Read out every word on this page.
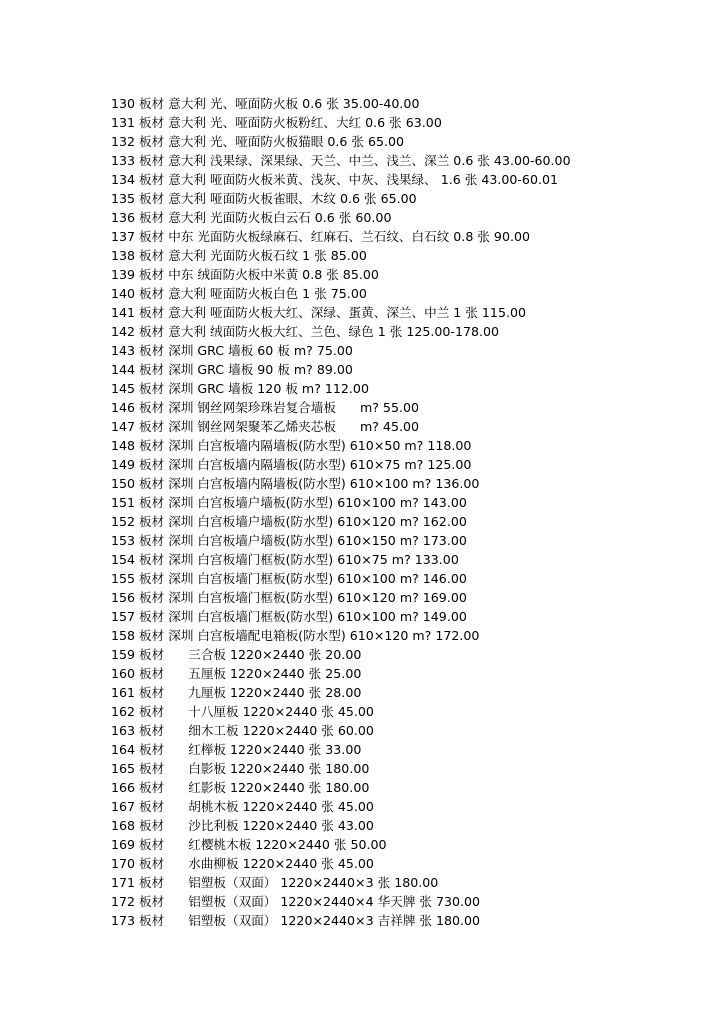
130 板材 意大利 光、哑面防火板 0.6 张 35.00-40.00
131 板材 意大利 光、哑面防火板粉红、大红 0.6 张 63.00
132 板材 意大利 光、哑面防火板猫眼 0.6 张 65.00
133 板材 意大利 浅果绿、深果绿、天兰、中兰、浅兰、深兰 0.6 张 43.00-60.00
134 板材 意大利 哑面防火板米黄、浅灰、中灰、浅果绿、 1.6 张 43.00-60.01
135 板材 意大利 哑面防火板雀眼、木纹 0.6 张 65.00
136 板材 意大利 光面防火板白云石 0.6 张 60.00
137 板材 中东 光面防火板绿麻石、红麻石、兰石纹、白石纹 0.8 张 90.00
138 板材 意大利 光面防火板石纹 1 张 85.00
139 板材 中东 绒面防火板中米黄 0.8 张 85.00
140 板材 意大利 哑面防火板白色 1 张 75.00
141 板材 意大利 哑面防火板大红、深绿、蛋黄、深兰、中兰 1 张 115.00
142 板材 意大利 绒面防火板大红、兰色、绿色 1 张 125.00-178.00
143 板材 深圳 GRC 墙板 60 板 m? 75.00
144 板材 深圳 GRC 墙板 90 板 m? 89.00
145 板材 深圳 GRC 墙板 120 板 m? 112.00
146 板材 深圳 钢丝网架珍珠岩复合墙板      m? 55.00
147 板材 深圳 钢丝网架聚苯乙烯夹芯板      m? 45.00
148 板材 深圳 白宫板墙内隔墙板(防水型) 610×50 m? 118.00
149 板材 深圳 白宫板墙内隔墙板(防水型) 610×75 m? 125.00
150 板材 深圳 白宫板墙内隔墙板(防水型) 610×100 m? 136.00
151 板材 深圳 白宫板墙户墙板(防水型) 610×100 m? 143.00
152 板材 深圳 白宫板墙户墙板(防水型) 610×120 m? 162.00
153 板材 深圳 白宫板墙户墙板(防水型) 610×150 m? 173.00
154 板材 深圳 白宫板墙门框板(防水型) 610×75 m? 133.00
155 板材 深圳 白宫板墙门框板(防水型) 610×100 m? 146.00
156 板材 深圳 白宫板墙门框板(防水型) 610×120 m? 169.00
157 板材 深圳 白宫板墙门框板(防水型) 610×100 m? 149.00
158 板材 深圳 白宫板墙配电箱板(防水型) 610×120 m? 172.00
159 板材      三合板 1220×2440 张 20.00
160 板材      五厘板 1220×2440 张 25.00
161 板材      九厘板 1220×2440 张 28.00
162 板材      十八厘板 1220×2440 张 45.00
163 板材      细木工板 1220×2440 张 60.00
164 板材      红榉板 1220×2440 张 33.00
165 板材      白影板 1220×2440 张 180.00
166 板材      红影板 1220×2440 张 180.00
167 板材      胡桃木板 1220×2440 张 45.00
168 板材      沙比利板 1220×2440 张 43.00
169 板材      红樱桃木板 1220×2440 张 50.00
170 板材      水曲柳板 1220×2440 张 45.00
171 板材      铝塑板（双面） 1220×2440×3 张 180.00
172 板材      铝塑板（双面） 1220×2440×4 华天牌 张 730.00
173 板材      铝塑板（双面） 1220×2440×3 吉祥牌 张 180.00
